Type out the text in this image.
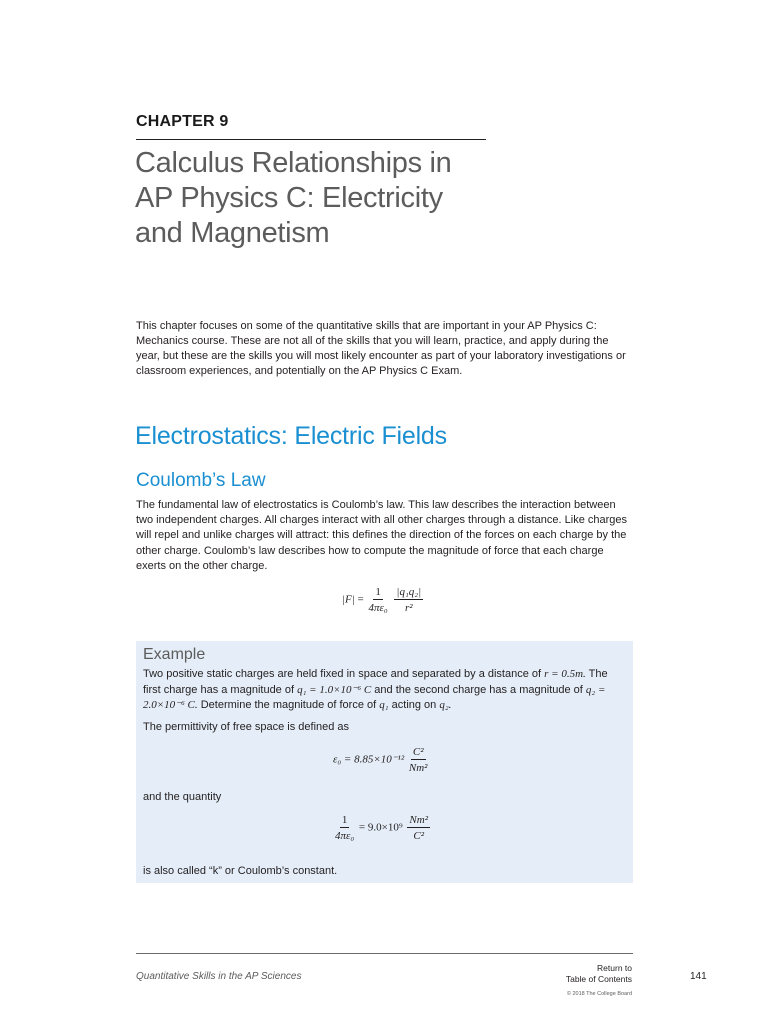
CHAPTER 9
Calculus Relationships in
AP Physics C: Electricity
and Magnetism
This chapter focuses on some of the quantitative skills that are important in your AP Physics C: Mechanics course. These are not all of the skills that you will learn, practice, and apply during the year, but these are the skills you will most likely encounter as part of your laboratory investigations or classroom experiences, and potentially on the AP Physics C Exam.
Electrostatics: Electric Fields
Coulomb’s Law
The fundamental law of electrostatics is Coulomb’s law. This law describes the interaction between two independent charges. All charges interact with all other charges through a distance. Like charges will repel and unlike charges will attract: this defines the direction of the forces on each charge by the other charge. Coulomb’s law describes how to compute the magnitude of force that each charge exerts on the other charge.
$|F| = \frac{1}{\text{4πε₀}}$
$\frac{\text{|q₁q₂|}}{\text{r²}}$
Example
Two positive static charges are held fixed in space and separated by a distance of r = 0.5m. The first charge has a magnitude of q₁ = 1.0×10⁻⁶ C and the second charge has a magnitude of q₂ = 2.0×10⁻⁶ C. Determine the magnitude of force of q₁ acting on q₂.
The permittivity of free space is defined as
$\varepsilon_0 = 8.85\times 10^{-12} \frac{\text{C²}}{\text{Nm²}}$
and the quantity
$\frac{1}{\text{4πε₀}} = 9.0\times 10^9 \frac{\text{Nm²}}{\text{C²}}$
is also called “k” or Coulomb’s constant.
Quantitative Skills in the AP Sciences
Return to
Table of Contents	141
© 2018 The College Board
